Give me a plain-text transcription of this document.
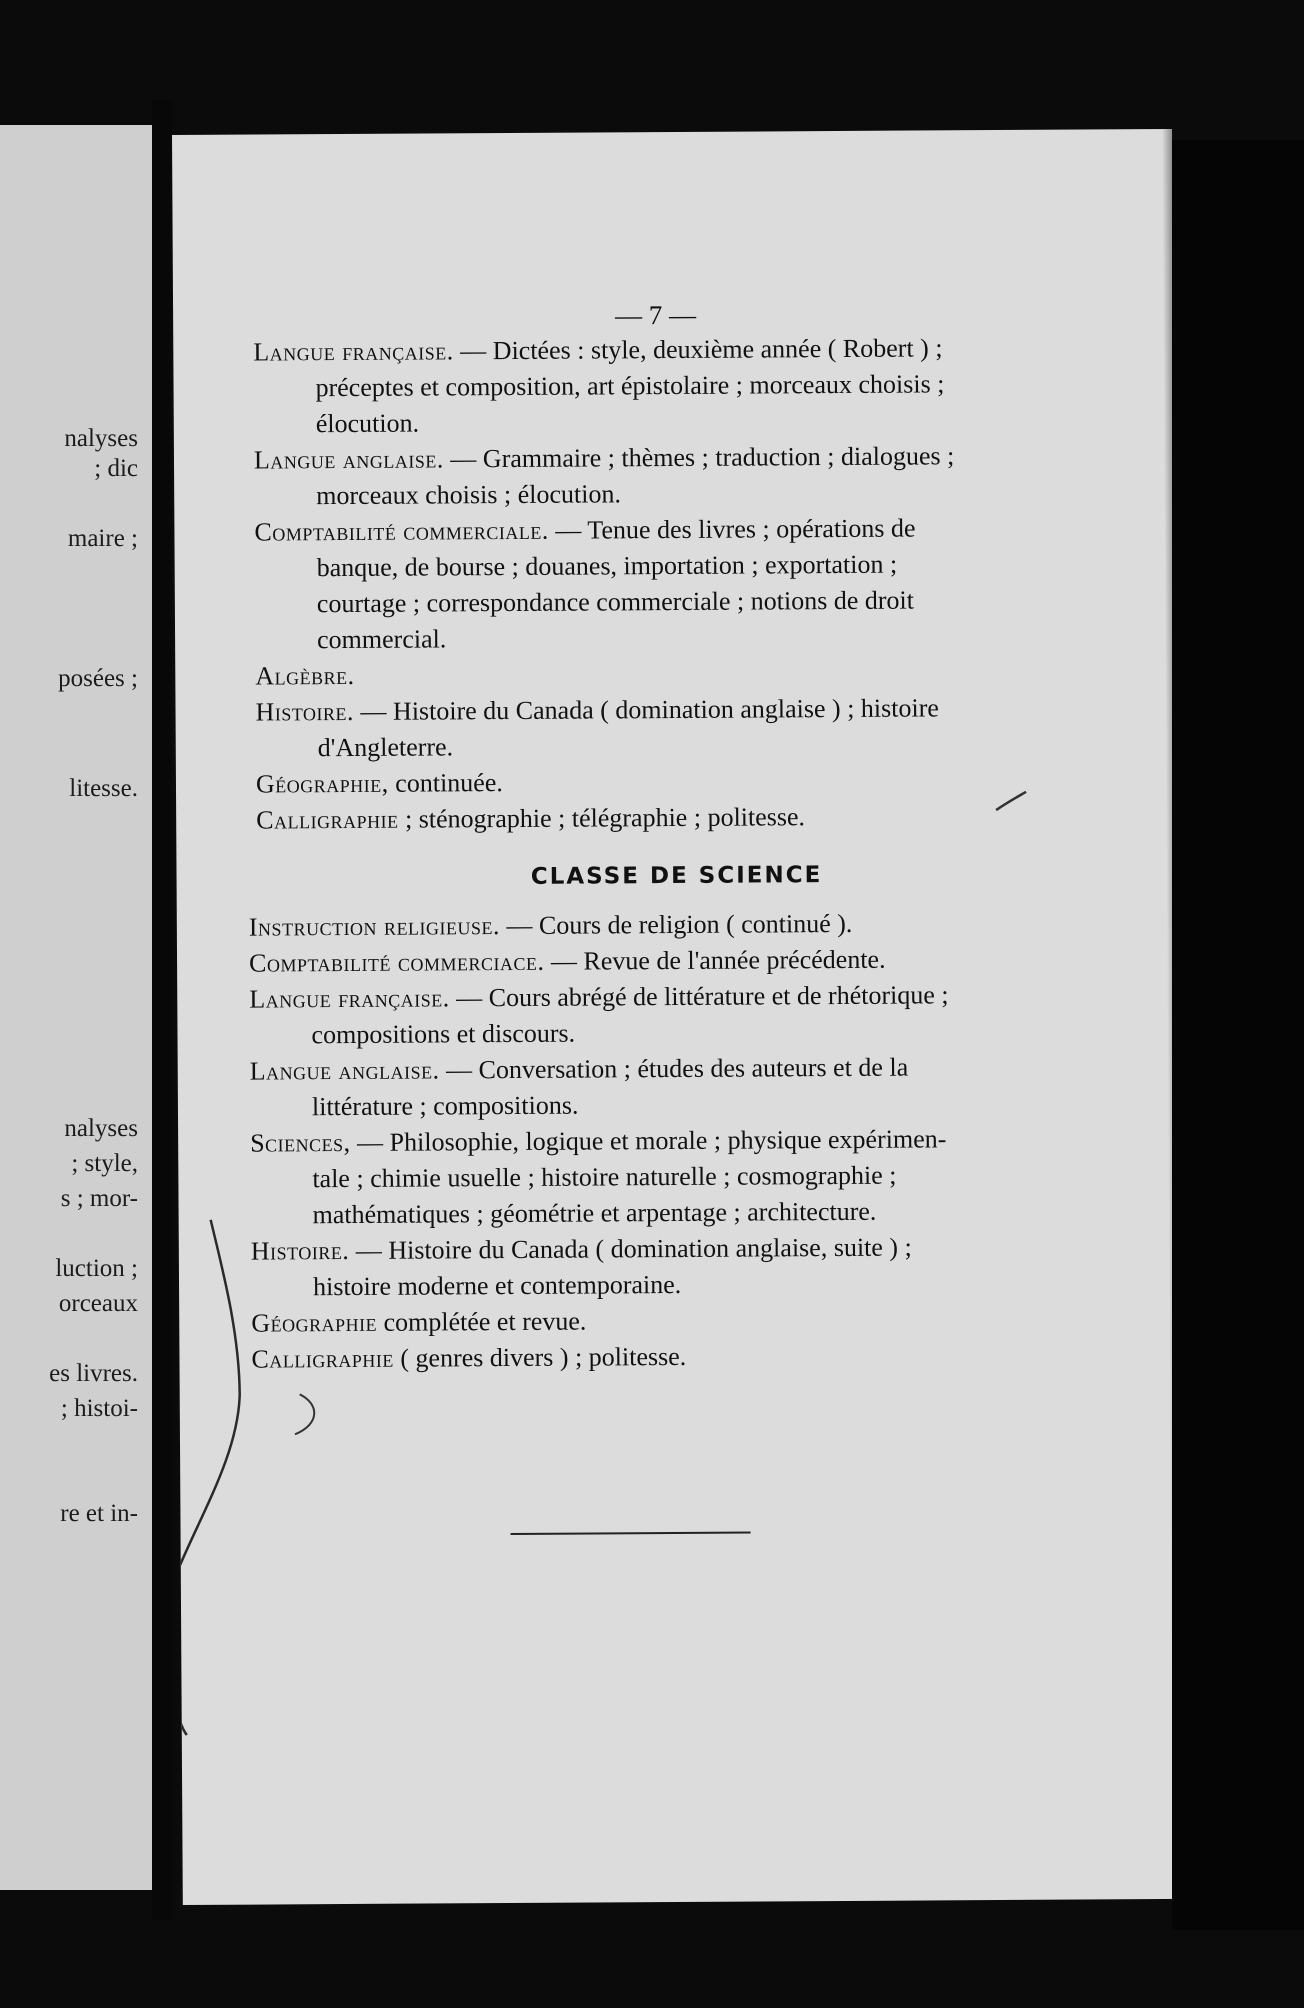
nalyses
; dic
maire ;
posées ;
litesse.
nalyses
; style,
s ; mor-
luction ;
orceaux
es livres.
; histoi-
re et in-
— 7 —
Langue française. — Dictées : style, deuxième année ( Robert ) ;
préceptes et composition, art épistolaire ; morceaux choisis ;
élocution.
Langue anglaise. — Grammaire ; thèmes ; traduction ; dialogues ;
morceaux choisis ; élocution.
Comptabilité commerciale. — Tenue des livres ; opérations de
banque, de bourse ; douanes, importation ; exportation ;
courtage ; correspondance commerciale ; notions de droit
commercial.
Algèbre.
Histoire. — Histoire du Canada ( domination anglaise ) ; histoire
d'Angleterre.
Géographie, continuée.
Calligraphie ; sténographie ; télégraphie ; politesse.
CLASSE DE SCIENCE
Instruction religieuse. — Cours de religion ( continué ).
Comptabilité commerciace. — Revue de l'année précédente.
Langue française. — Cours abrégé de littérature et de rhétorique ;
compositions et discours.
Langue anglaise. — Conversation ; études des auteurs et de la
littérature ; compositions.
Sciences, — Philosophie, logique et morale ; physique expérimen-
tale ; chimie usuelle ; histoire naturelle ; cosmographie ;
mathématiques ; géométrie et arpentage ; architecture.
Histoire. — Histoire du Canada ( domination anglaise, suite ) ;
histoire moderne et contemporaine.
Géographie complétée et revue.
Calligraphie ( genres divers ) ; politesse.
